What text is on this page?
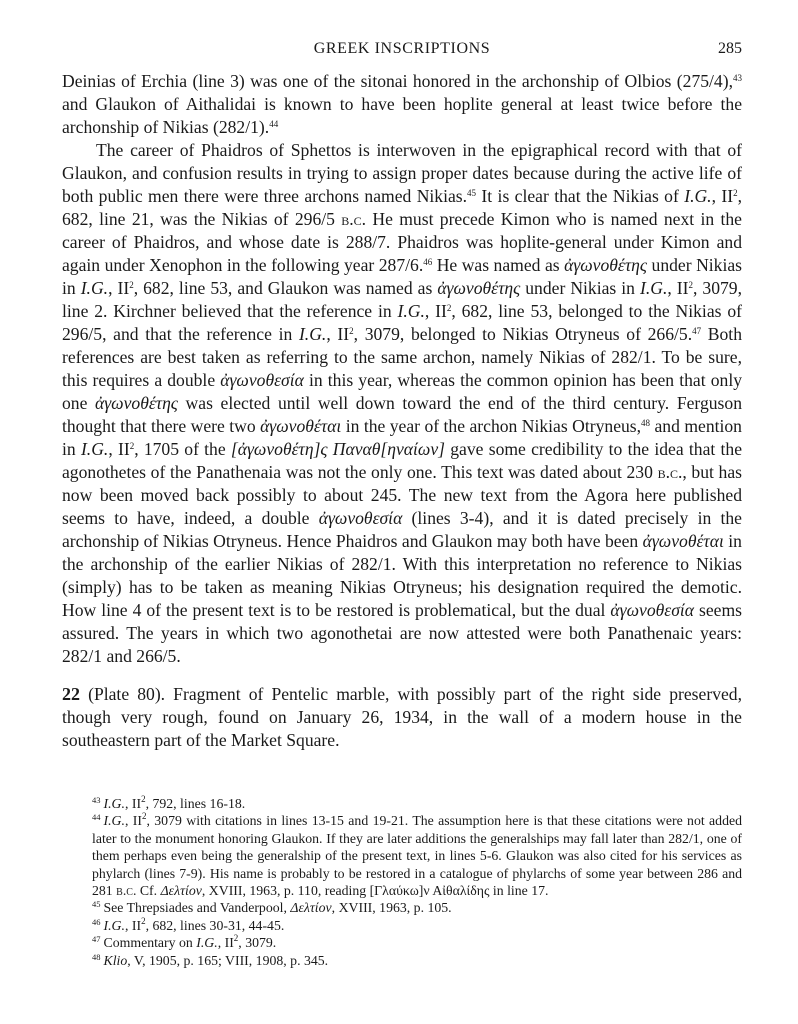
GREEK INSCRIPTIONS	285

Deinias of Erchia (line 3) was one of the sitonai honored in the archonship of Olbios (275/4),$^{43}$ and Glaukon of Aithalidai is known to have been hoplite general at least twice before the archonship of Nikias (282/1).$^{44}$

The career of Phaidros of Sphettos is interwoven in the epigraphical record with that of Glaukon, and confusion results in trying to assign proper dates because during the active life of both public men there were three archons named Nikias.$^{45}$ It is clear that the Nikias of I.G., $II^2$, 682, line 21, was the Nikias of 296/5 b.c. He must precede Kimon who is named next in the career of Phaidros, and whose date is 288/7. Phaidros was hoplite-general under Kimon and again under Xenophon in the following year 287/6.46 He was named as ἀγωνοθέτης under Nikias in I.G., $II^2$, 682, line 53, and Glaukon was named as ἀγωνοθέτης under Nikias in I.G., $II^2$, 3079, line 2. Kirchner believed that the reference in I.G., $II^2$, 682, line 53, belonged to the Nikias of 296/5, and that the reference in I.G., $II^2$, 3079, belonged to Nikias Otryneus of 266/5.47 Both references are best taken as referring to the same archon, namely Nikias of 282/1. To be sure, this requires a double ἀγωνοθεσία in this year, whereas the common opinion has been that only one ἀγωνοθέτης was elected until well down toward the end of the third century. Ferguson thought that there were two ἀγωνοθέται in the year of the archon Nikias Otryneus,$^{48}$ and mention in I.G., $II^2$, 1705 of the [ἀγωνοθέτη]ς Παναθ[ηναίων] gave some credibility to the idea that the agonothetes of the Panathenaia was not the only one. This text was dated about 230 b.c., but has now been moved back possibly to about 245. The new text from the Agora here published seems to have, indeed, a double ἀγωνοθεσία (lines 3-4), and it is dated precisely in the archonship of Nikias Otryneus. Hence Phaidros and Glaukon may both have been ἀγωνοθέται in the archonship of the earlier Nikias of 282/1. With this interpretation no reference to Nikias (simply) has to be taken as meaning Nikias Otryneus; his designation required the demotic. How line 4 of the present text is to be restored is problematical, but the dual ἀγωνοθεσία seems assured. The years in which two agonothetai are now attested were both Panathenaic years: 282/1 and 266/5.

22 (Plate 80). Fragment of Pentelic marble, with possibly part of the right side preserved, though very rough, found on January 26, 1934, in the wall of a modern house in the southeastern part of the Market Square.

$^{43}$ I.G., $II^2$, 792, lines 16-18.

$^{44}$ I.G., $II^2$, 3079 with citations in lines 13-15 and 19-21. The assumption here is that these citations were not added later to the monument honoring Glaukon. If they are later additions the generalships may fall later than 282/1, one of them perhaps even being the generalship of the present text, in lines 5-6. Glaukon was also cited for his services as phylarch (lines 7-9). His name is probably to be restored in a catalogue of phylarchs of some year between 286 and 281 b.c. Cf. Δελτίον, XVIII, 1963, p. 110, reading [Γλαύκω]ν Αἰθαλίδης in line 17.

$^{45}$ See Threpsiades and Vanderpool, Δελτίον, XVIII, 1963, p. 105.

$^{46}$ I.G., $II^2$, 682, lines 30-31, 44-45.

$^{47}$ Commentary on I.G., $II^2$, 3079.

$^{48}$ Klio, V, 1905, p. 165; VIII, 1908, p. 345.
